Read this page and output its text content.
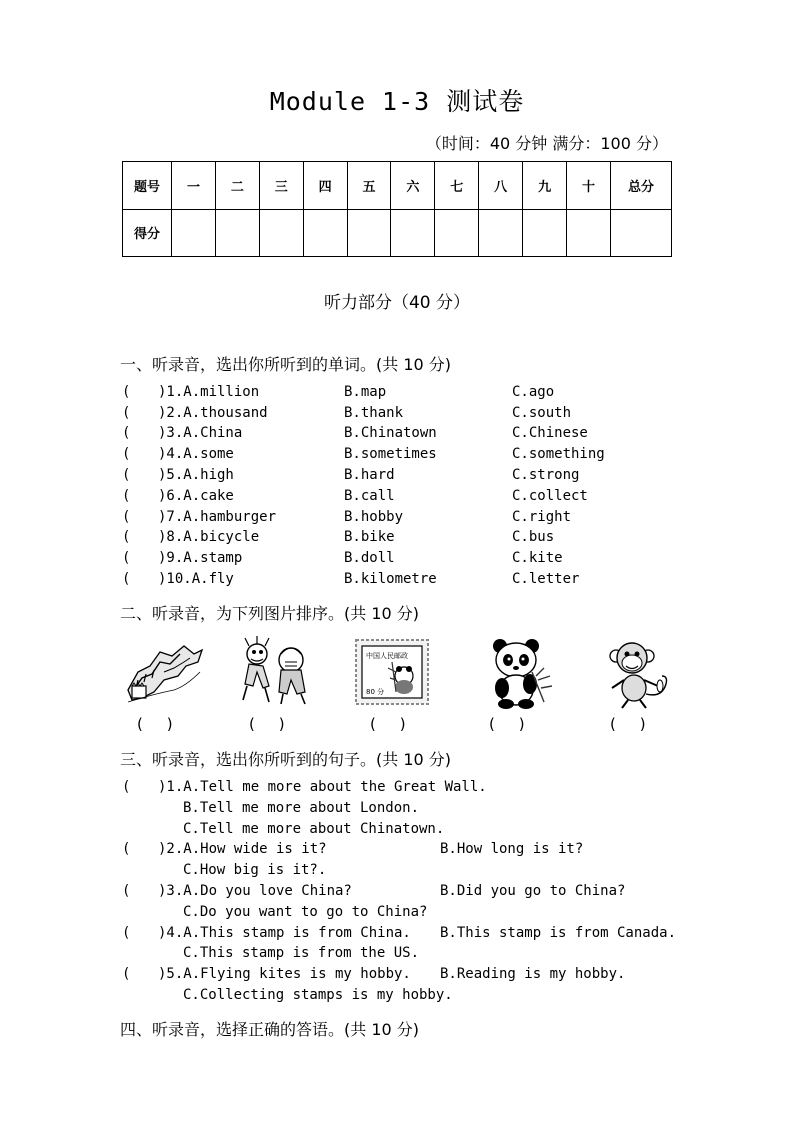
Module 1-3 测试卷
（时间：40 分钟 满分：100 分）
题号	一	二	三	四	五	六	七	八	九	十	总分
得分											
听力部分（40 分）
一、听录音，选出你所听到的单词。(共 10 分)
( )1.A.million	B.map	C.ago
( )2.A.thousand	B.thank	C.south
( )3.A.China	B.Chinatown	C.Chinese
( )4.A.some	B.sometimes	C.something
( )5.A.high	B.hard	C.strong
( )6.A.cake	B.call	C.collect
( )7.A.hamburger	B.hobby	C.right
( )8.A.bicycle	B.bike	C.bus
( )9.A.stamp	B.doll	C.kite
( )10.A.fly	B.kilometre	C.letter
二、听录音，为下列图片排序。(共 10 分)
中国人民邮政
80 分
(     )	(     )	(     )	(     )	(     )
三、听录音，选出你所听到的句子。(共 10 分)
( )1.A.Tell me more about the Great Wall.
B.Tell me more about London.
C.Tell me more about Chinatown.
( )2.A.How wide is it?	B.How long is it?
C.How big is it?.
( )3.A.Do you love China?	B.Did you go to China?
C.Do you want to go to China?
( )4.A.This stamp is from China. B.This stamp is from Canada.
C.This stamp is from the US.
( )5.A.Flying kites is my hobby. B.Reading is my hobby.
C.Collecting stamps is my hobby.
四、听录音，选择正确的答语。(共 10 分)
